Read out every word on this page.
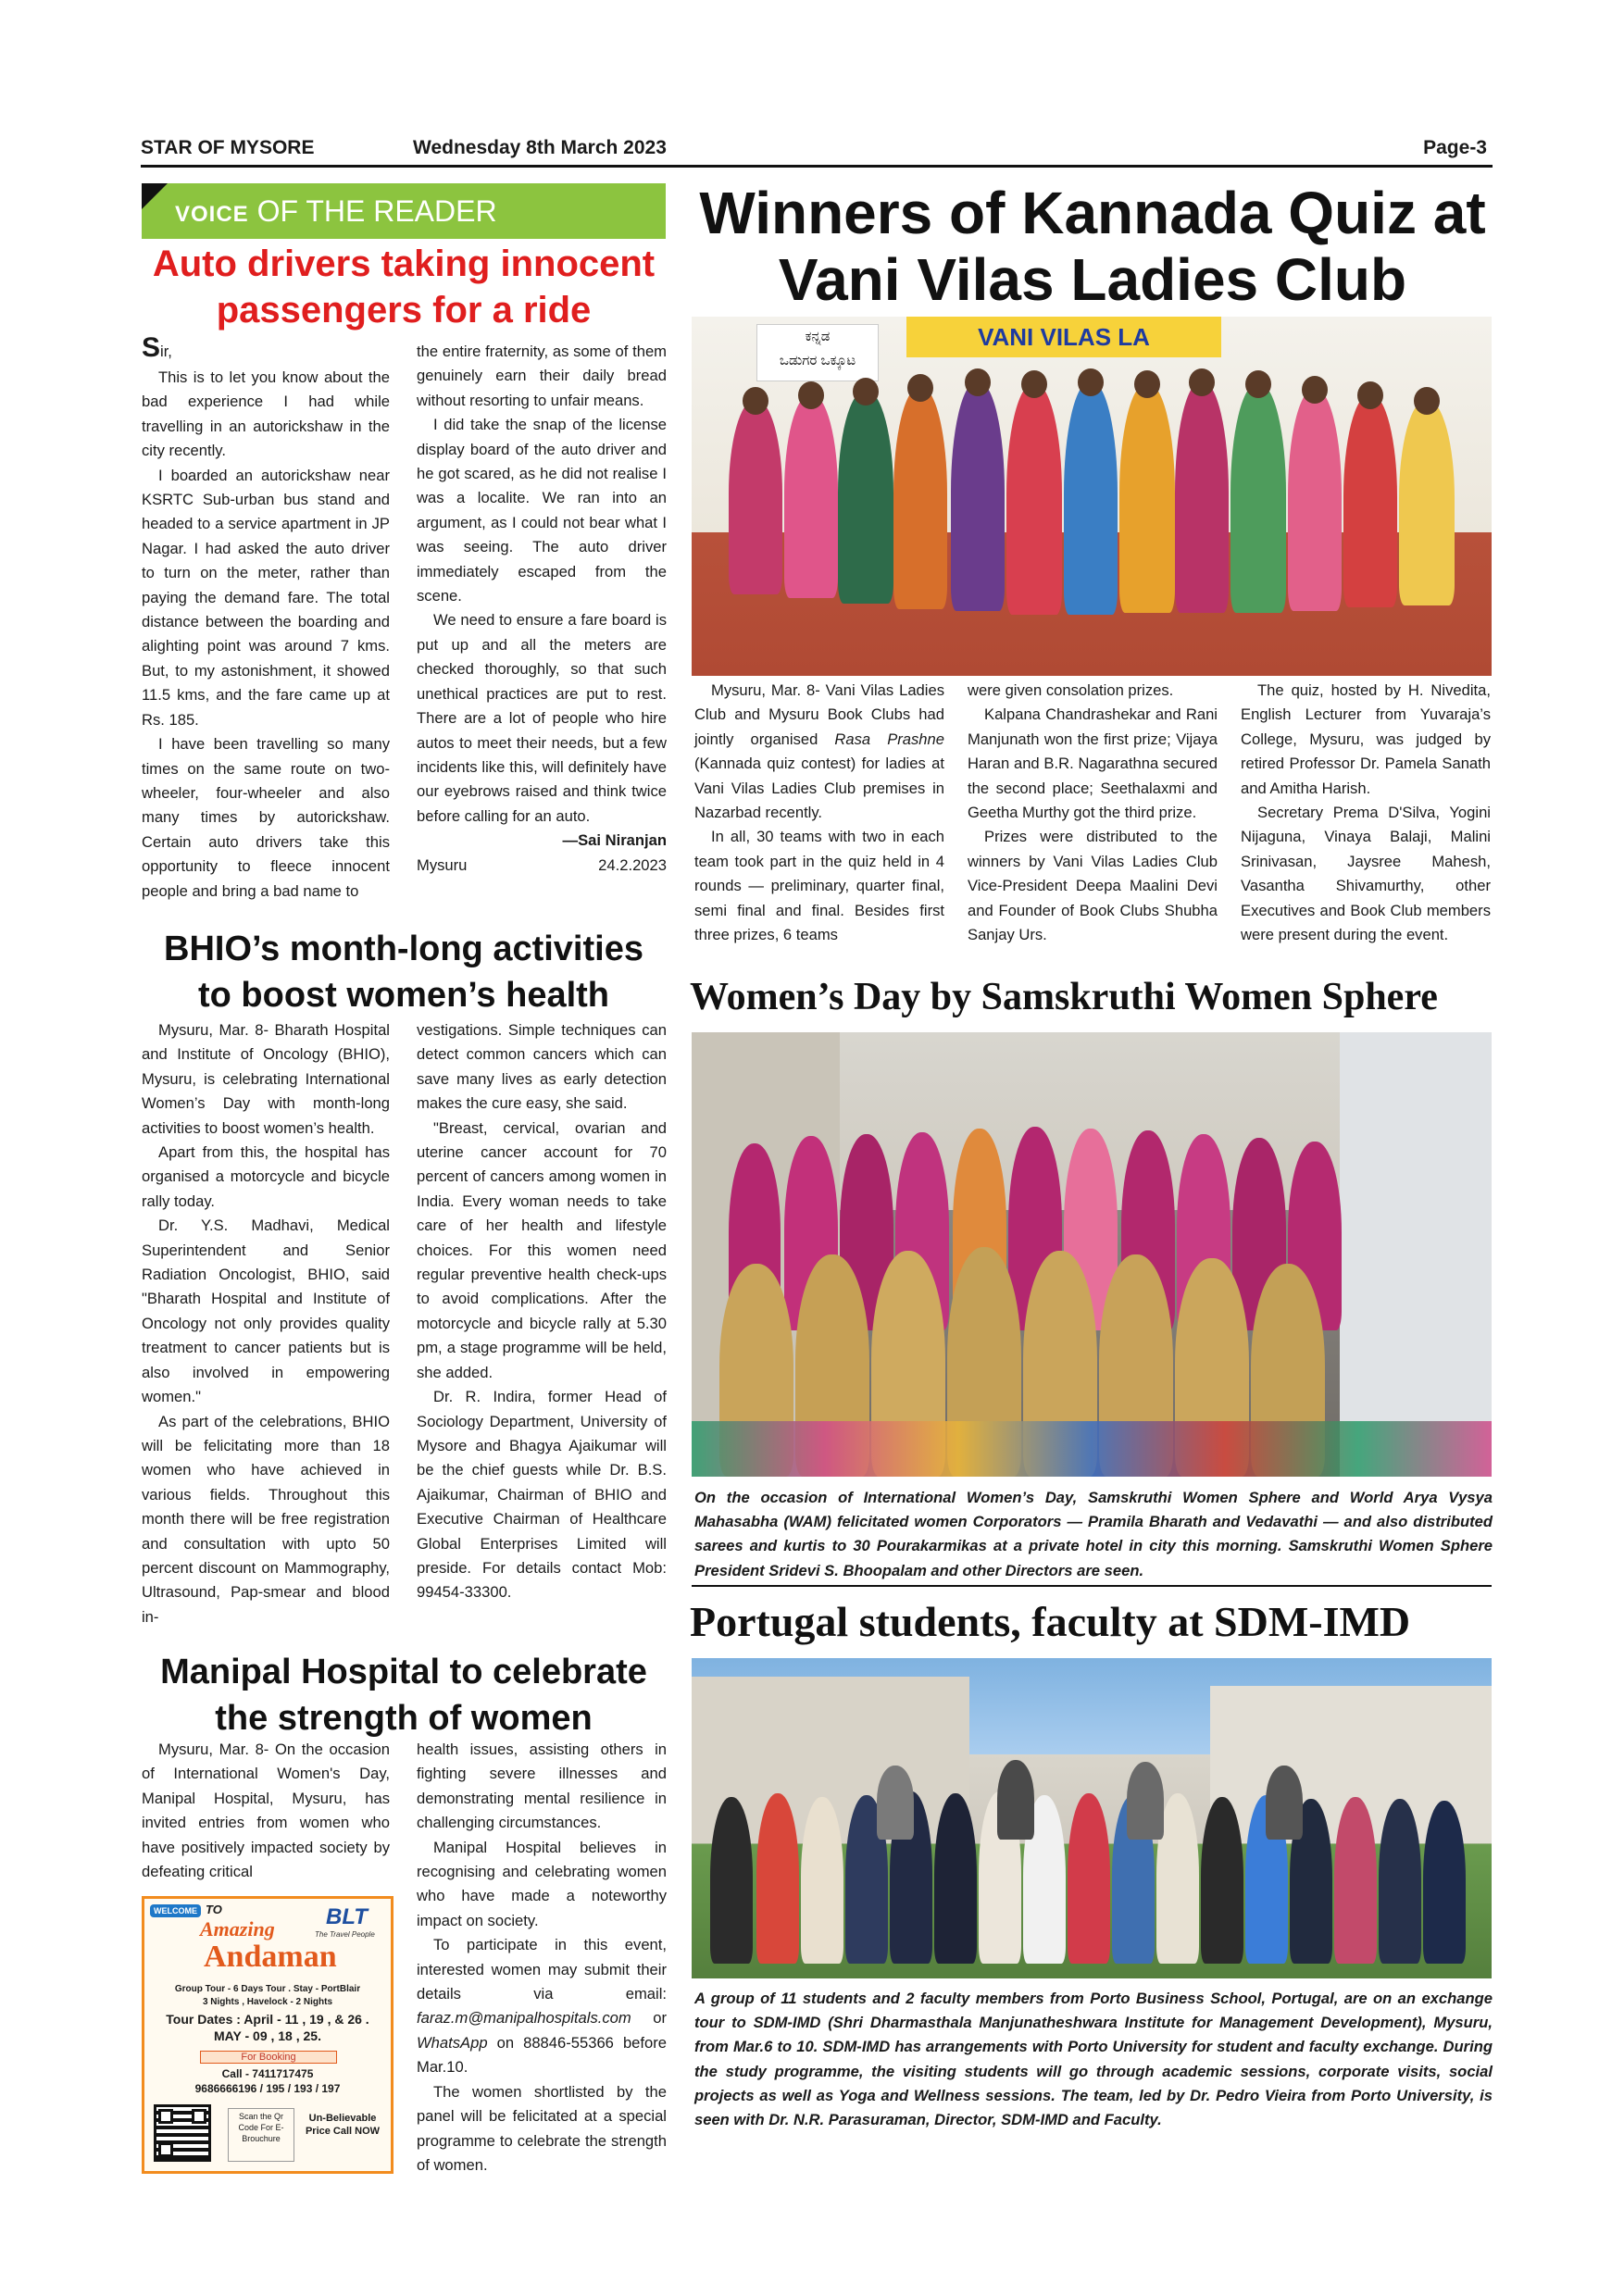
STAR OF MYSORE	Wednesday 8th March 2023	Page-3
VOICE OF THE READER
Auto drivers taking innocent
passengers for a ride

Sir,

This is to let you know about the bad experience I had while travelling in an autorickshaw in the city recently.

I boarded an autorickshaw near KSRTC Sub-urban bus stand and headed to a service apartment in JP Nagar. I had asked the auto driver to turn on the meter, rather than paying the demand fare. The total distance between the boarding and alighting point was around 7 kms. But, to my astonishment, it showed 11.5 kms, and the fare came up at Rs. 185.

I have been travelling so many times on the same route on two-wheeler, four-wheeler and also many times by autorickshaw. Certain auto drivers take this opportunity to fleece innocent people and bring a bad name to

the entire fraternity, as some of them genuinely earn their daily bread without resorting to unfair means.

I did take the snap of the license display board of the auto driver and he got scared, as he did not realise I was a localite. We ran into an argument, as I could not bear what I was seeing. The auto driver immediately escaped from the scene.

We need to ensure a fare board is put up and all the meters are checked thoroughly, so that such unethical practices are put to rest. There are a lot of people who hire autos to meet their needs, but a few incidents like this, will definitely have our eyebrows raised and think twice before calling for an auto.

—Sai Niranjan

Mysuru	24.2.2023
BHIO’s month-long activities
to boost women’s health

Mysuru, Mar. 8- Bharath Hospital and Institute of Oncology (BHIO), Mysuru, is celebrating International Women’s Day with month-long activities to boost women’s health.

Apart from this, the hospital has organised a motorcycle and bicycle rally today.

Dr. Y.S. Madhavi, Medical Superintendent and Senior Radiation Oncologist, BHIO, said "Bharath Hospital and Institute of Oncology not only provides quality treatment to cancer patients but is also involved in empowering women."

As part of the celebrations, BHIO will be felicitating more than 18 women who have achieved in various fields. Throughout this month there will be free registration and consultation with upto 50 percent discount on Mammography, Ultrasound, Pap-smear and blood in-

vestigations. Simple techniques can detect common cancers which can save many lives as early detection makes the cure easy, she said.

"Breast, cervical, ovarian and uterine cancer account for 70 percent of cancers among women in India. Every woman needs to take care of her health and lifestyle choices. For this women need regular preventive health check-ups to avoid complications. After the motorcycle and bicycle rally at 5.30 pm, a stage programme will be held, she added.

Dr. R. Indira, former Head of Sociology Department, University of Mysore and Bhagya Ajaikumar will be the chief guests while Dr. B.S. Ajaikumar, Chairman of BHIO and Executive Chairman of Healthcare Global Enterprises Limited will preside. For details contact Mob: 99454-33300.

Manipal Hospital to celebrate
the strength of women

Mysuru, Mar. 8- On the occasion of International Women's Day, Manipal Hospital, Mysuru, has invited entries from women who have positively impacted society by defeating critical

health issues, assisting others in fighting severe illnesses and demonstrating mental resilience in challenging circumstances.

Manipal Hospital believes in recognising and celebrating women who have made a noteworthy impact on society.

To participate in this event, interested women may submit their details via email: faraz.m@manipalhospitals.com or WhatsApp on 88846-55366 before Mar.10.

The women shortlisted by the panel will be felicitated at a special programme to celebrate the strength of women.

WELCOME TO
Amazing
Andaman
BLT
The Travel People
Group Tour - 6 Days Tour . Stay - PortBlair
3 Nights , Havelock - 2 Nights
Tour Dates : April - 11 , 19 , & 26 .
MAY - 09 , 18 , 25.
For Booking
Call - 7411717475
9686666196 / 195 / 193 / 197
Scan the Qr Code For E-Brouchure
Un-Believable Price Call NOW
Winners of Kannada Quiz at
Vani Vilas Ladies Club
VANI VILAS LA
ಕನ್ನಡ
ಒಡುಗರ ಒಕ್ಕೂಟ

Mysuru, Mar. 8- Vani Vilas Ladies Club and Mysuru Book Clubs had jointly organised Rasa Prashne (Kannada quiz contest) for ladies at Vani Vilas Ladies Club premises in Nazarbad recently.

In all, 30 teams with two in each team took part in the quiz held in 4 rounds — preliminary, quarter final, semi final and final. Besides first three prizes, 6 teams

were given consolation prizes.

Kalpana Chandrashekar and Rani Manjunath won the first prize; Vijaya Haran and B.R. Nagarathna secured the second place; Seethalaxmi and Geetha Murthy got the third prize.

Prizes were distributed to the winners by Vani Vilas Ladies Club Vice-President Deepa Maalini Devi and Founder of Book Clubs Shubha Sanjay Urs.

The quiz, hosted by H. Nivedita, English Lecturer from Yuvaraja’s College, Mysuru, was judged by retired Professor Dr. Pamela Sanath and Amitha Harish.

Secretary Prema D'Silva, Yogini Nijaguna, Vinaya Balaji, Malini Srinivasan, Jaysree Mahesh, Vasantha Shivamurthy, other Executives and Book Club members were present during the event.

Women’s Day by Samskruthi Women Sphere
On the occasion of International Women’s Day, Samskruthi Women Sphere and World Arya Vysya Mahasabha (WAM) felicitated women Corporators — Pramila Bharath and Vedavathi — and also distributed sarees and kurtis to 30 Pourakarmikas at a private hotel in city this morning. Samskruthi Women Sphere President Sridevi S. Bhoopalam and other Directors are seen.
Portugal students, faculty at SDM-IMD
A group of 11 students and 2 faculty members from Porto Business School, Portugal, are on an exchange tour to SDM-IMD (Shri Dharmasthala Manjunatheshwara Institute for Management Development), Mysuru, from Mar.6 to 10. SDM-IMD has arrangements with Porto University for student and faculty exchange. During the study programme, the visiting students will go through academic sessions, corporate visits, social projects as well as Yoga and Wellness sessions. The team, led by Dr. Pedro Vieira from Porto University, is seen with Dr. N.R. Parasuraman, Director, SDM-IMD and Faculty.
